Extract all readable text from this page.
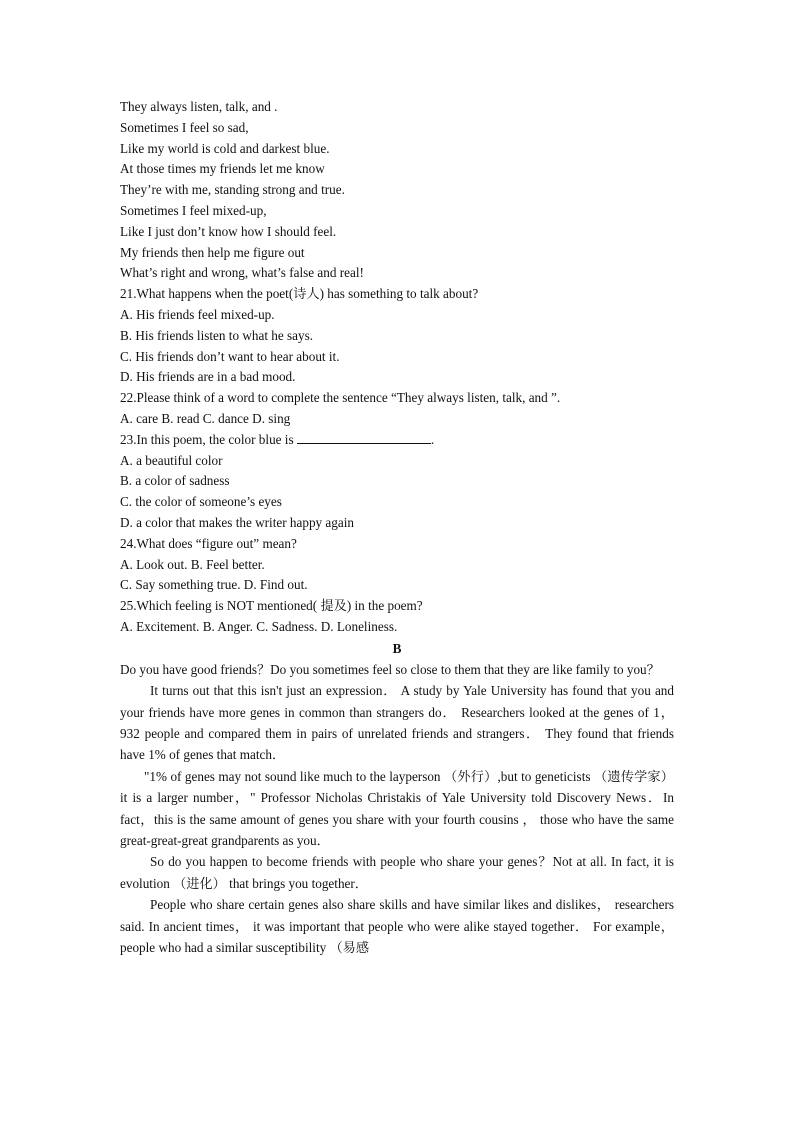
They always listen, talk, and .
Sometimes I feel so sad,
Like my world is cold and darkest blue.
At those times my friends let me know
They’re with me, standing strong and true.
Sometimes I feel mixed-up,
Like I just don’t know how I should feel.
My friends then help me figure out
What’s right and wrong, what’s false and real!
21.What happens when the poet(诗人) has something to talk about?
A. His friends feel mixed-up.
B. His friends listen to what he says.
C. His friends don’t want to hear about it.
D. His friends are in a bad mood.
22.Please think of a word to complete the sentence “They always listen, talk, and ”.
A. care B. read C. dance D. sing
23.In this poem, the color blue is	.
A. a beautiful color
B. a color of sadness
C. the color of someone’s eyes
D. a color that makes the writer happy again
24.What does “figure out” mean?
A. Look out. B. Feel better.
C. Say something true. D. Find out.
25.Which feeling is NOT mentioned( 提及) in the poem?
A. Excitement. B. Anger. C. Sadness. D. Loneliness.
B

Do you have good friends？Do you sometimes feel so close to them that they are like family to you？

It turns out that this isn't just an expression． A study by Yale University has found that you and your friends have more genes in common than strangers do． Researchers looked at the genes of 1， 932 people and compared them in pairs of unrelated friends and strangers． They found that friends have 1% of genes that match．

"1% of genes may not sound like much to the layperson （外行）,but to geneticists （遗传学家） it is a larger number，" Professor Nicholas Christakis of Yale University told Discovery News．In fact，this is the same amount of genes you share with your fourth cousins ， those who have the same great-great-great grandparents as you．

So do you happen to become friends with people who share your genes？Not at all. In fact, it is evolution （进化） that brings you together．

People who share certain genes also share skills and have similar likes and dislikes， researchers said. In ancient times， it was important that people who were alike stayed together． For example， people who had a similar susceptibility （易感
